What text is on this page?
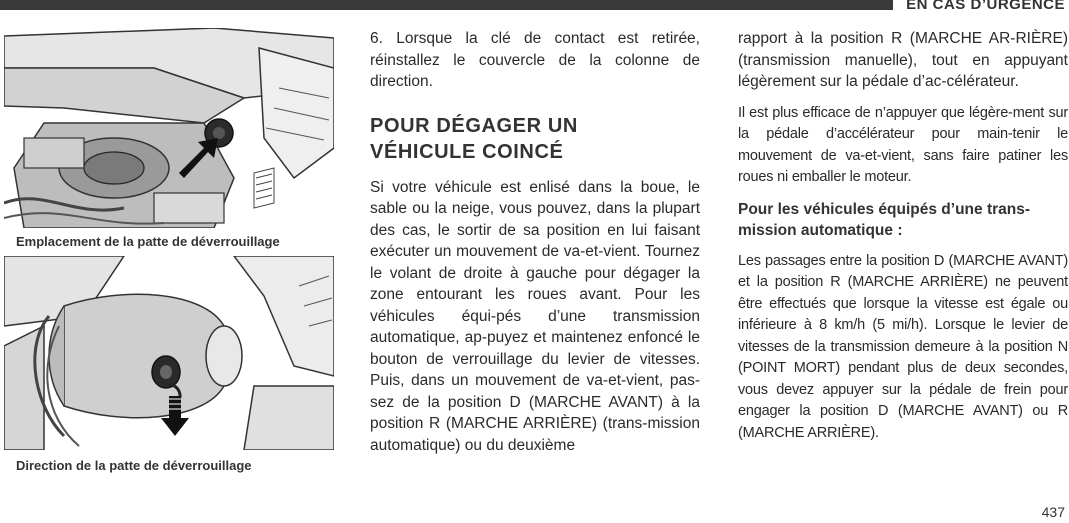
EN CAS D’URGENCE
Emplacement de la patte de déverrouillage
Direction de la patte de déverrouillage

6. Lorsque la clé de contact est retirée, réinstallez le couvercle de la colonne de direction.

POUR DÉGAGER UN
VÉHICULE COINCÉ

Si votre véhicule est enlisé dans la boue, le sable ou la neige, vous pouvez, dans la plupart des cas, le sortir de sa position en lui faisant exécuter un mouvement de va-et-vient. Tournez le volant de droite à gauche pour dégager la zone entourant les roues avant. Pour les véhicules équi-pés d’une transmission automatique, ap-puyez et maintenez enfoncé le bouton de verrouillage du levier de vitesses. Puis, dans un mouvement de va-et-vient, pas-sez de la position D (MARCHE AVANT) à la position R (MARCHE ARRIÈRE) (trans-mission automatique) ou du deuxième

rapport à la position R (MARCHE AR-RIÈRE) (transmission manuelle), tout en appuyant légèrement sur la pédale d’ac-célérateur.

Il est plus efficace de n’appuyer que légère-ment sur la pédale d’accélérateur pour main-tenir le mouvement de va-et-vient, sans faire patiner les roues ni emballer le moteur.

Pour les véhicules équipés d’une trans-mission automatique :

Les passages entre la position D (MARCHE AVANT) et la position R (MARCHE ARRIÈRE) ne peuvent être effectués que lorsque la vitesse est égale ou inférieure à 8 km/h (5 mi/h). Lorsque le levier de vitesses de la transmission demeure à la position N (POINT MORT) pendant plus de deux secondes, vous devez appuyer sur la pédale de frein pour engager la position D (MARCHE AVANT) ou R (MARCHE ARRIÈRE).

437
